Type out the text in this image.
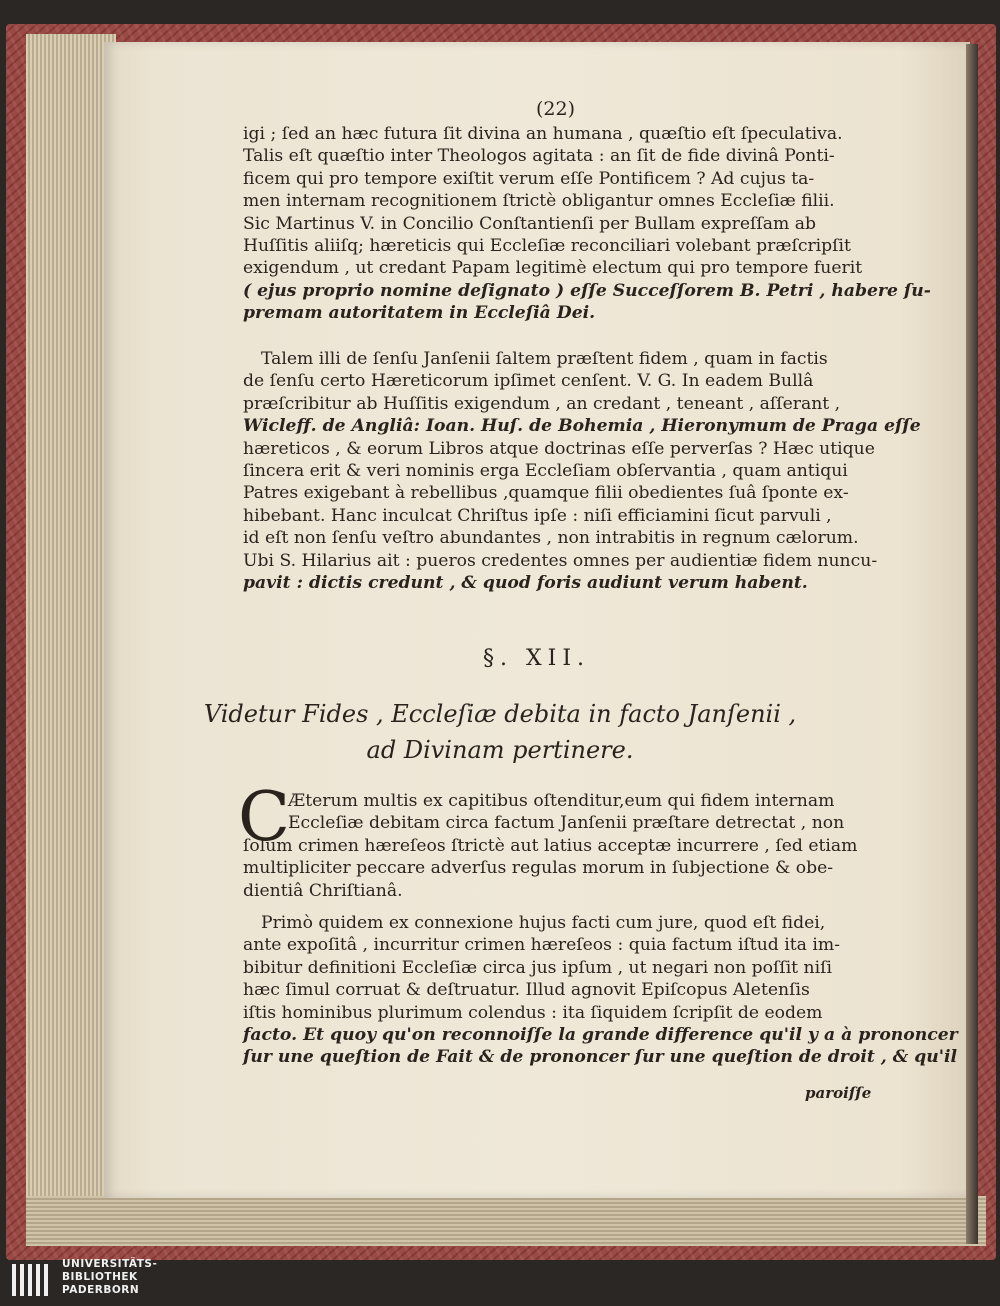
(22)
igi ; ſed an hæc futura ſit divina an humana , quæſtio eſt ſpeculativa.
Talis eſt quæſtio inter Theologos agitata : an ſit de fide divinâ Ponti-
ficem qui pro tempore exiſtit verum eſſe Pontificem ? Ad cujus ta-
men internam recognitionem ſtrictè obligantur omnes Eccleſiæ filii.
Sic Martinus V. in Concilio Conſtantienſi per Bullam expreſſam ab
Huſſitis aliiſq; hæreticis qui Eccleſiæ reconciliari volebant præſcripſit
exigendum , ut credant Papam legitimè electum qui pro tempore fuerit
( ejus proprio nomine deſignato ) eſſe Succeſſorem B. Petri , habere ſu-
premam autoritatem in Eccleſiâ Dei.
Talem illi de ſenſu Janſenii ſaltem præſtent fidem , quam in factis
de ſenſu certo Hæreticorum ipſimet cenſent. V. G. In eadem Bullâ
præſcribitur ab Huſſitis exigendum , an credant , teneant , aſſerant ,
Wicleff. de Angliâ: Ioan. Huſ. de Bohemia , Hieronymum de Praga eſſe
hæreticos , & eorum Libros atque doctrinas eſſe perverſas ? Hæc utique
ſincera erit & veri nominis erga Eccleſiam obſervantia , quam antiqui
Patres exigebant à rebellibus ,quamque filii obedientes ſuâ ſponte ex-
hibebant. Hanc inculcat Chriſtus ipſe : niſi efficiamini ſicut parvuli ,
id eſt non ſenſu veſtro abundantes , non intrabitis in regnum cælorum.
Ubi S. Hilarius ait : pueros credentes omnes per audientiæ fidem nuncu-
pavit : dictis credunt , & quod foris audiunt verum habent.
§. XII.
Videtur Fides , Eccleſiæ debita in facto Janſenii ,
ad Divinam pertinere.
C
Æterum multis ex capitibus oſtenditur,eum qui fidem internam
Eccleſiæ debitam circa factum Janſenii præſtare detrectat , non
ſolum crimen hæreſeos ſtrictè aut latius acceptæ incurrere , ſed etiam
multipliciter peccare adverſus regulas morum in ſubjectione & obe-
dientiâ Chriſtianâ.
Primò quidem ex connexione hujus facti cum jure, quod eſt fidei,
ante expoſitâ , incurritur crimen hæreſeos : quia factum iſtud ita im-
bibitur definitioni Eccleſiæ circa jus ipſum , ut negari non poſſit niſi
hæc ſimul corruat & deſtruatur. Illud agnovit Epiſcopus Aletenſis
iſtis hominibus plurimum colendus : ita ſiquidem ſcripſit de eodem
facto. Et quoy qu'on reconnoiſſe la grande difference qu'il y a à prononcer
ſur une queſtion de Fait & de prononcer ſur une queſtion de droit , & qu'il
paroiſſe
UNIVERSITÄTS-
BIBLIOTHEK
PADERBORN
